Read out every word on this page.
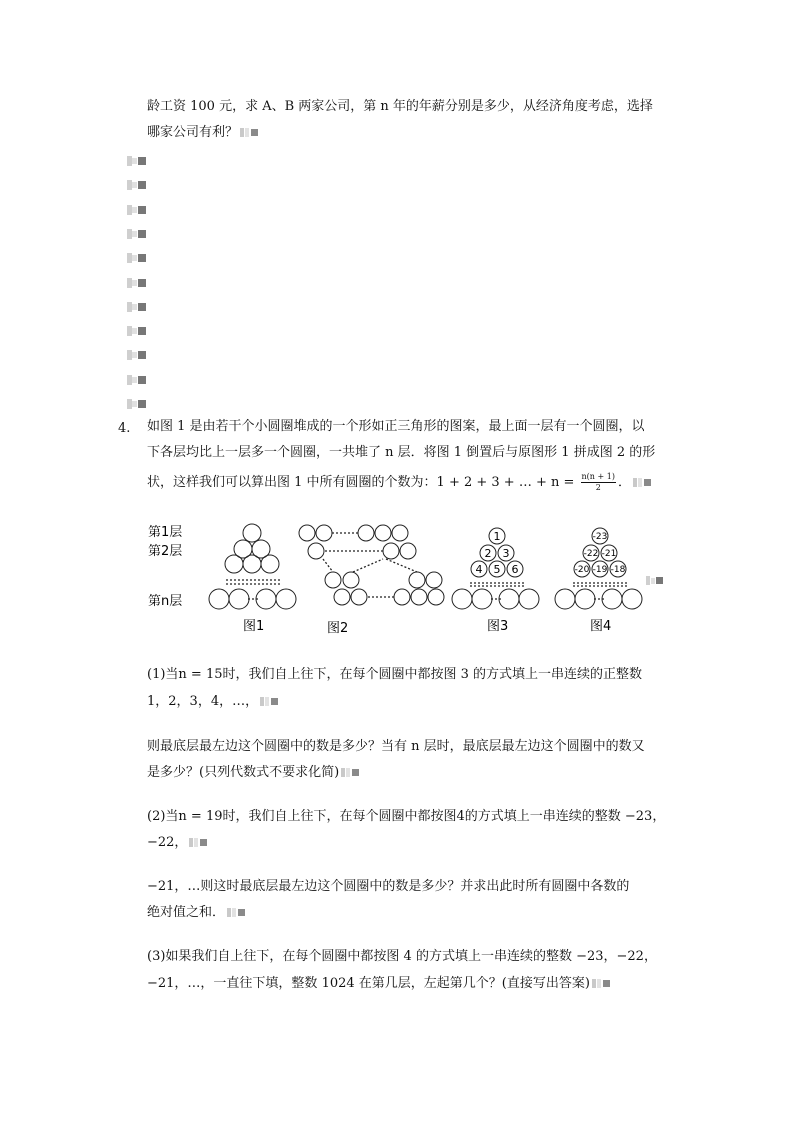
龄工资 100 元，求 A、B 两家公司，第 n 年的年薪分别是多少，从经济角度考虑，选择
哪家公司有利？
4. 如图 1 是由若干个小圆圈堆成的一个形如正三角形的图案，最上面一层有一个圆圈，以
下各层均比上一层多一个圆圈，一共堆了 n 层．将图 1 倒置后与原图形 1 拼成图 2 的形
状，这样我们可以算出图 1 中所有圆圈的个数为：1 + 2 + 3 + … + $n = \frac{n(n + 1)}{2}$ ．
第1层
第2层
第n层
1
2 3
4 5 6
-23
-22 -21
-20 -19 -18
图1	图2	图3	图4
(1)当n = 15时，我们自上往下，在每个圆圈中都按图 3 的方式填上一串连续的正整数
1，2，3，4，…，
则最底层最左边这个圆圈中的数是多少？当有 n 层时，最底层最左边这个圆圈中的数又
是多少？(只列代数式不要求化简)
(2)当n = 19时，我们自上往下，在每个圆圈中都按图4的方式填上一串连续的整数 −23，
−22，
−21，…则这时最底层最左边这个圆圈中的数是多少？并求出此时所有圆圈中各数的
绝对值之和．
(3)如果我们自上往下，在每个圆圈中都按图 4 的方式填上一串连续的整数 −23，−22，
−21，…，一直往下填，整数 1024 在第几层，左起第几个？(直接写出答案)
